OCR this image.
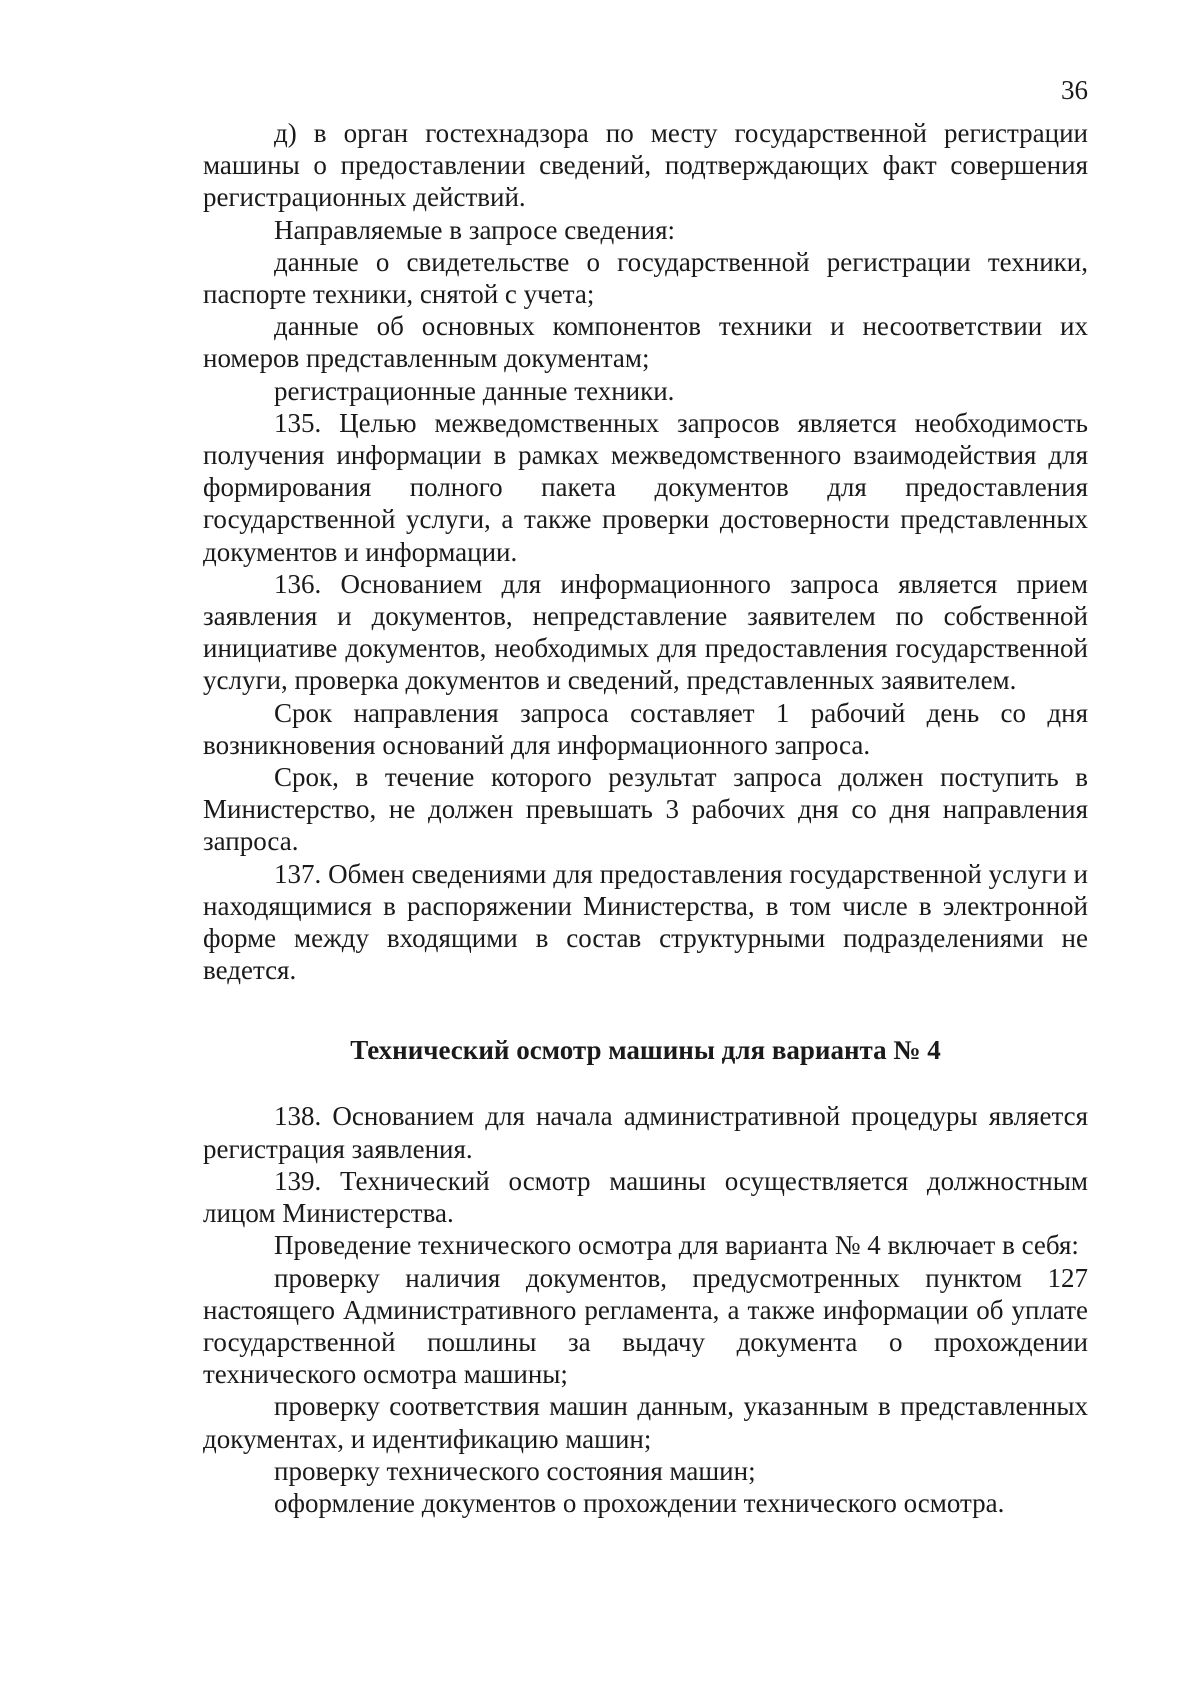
36

д) в орган гостехнадзора по месту государственной регистрации машины о предоставлении сведений, подтверждающих факт совершения регистрационных действий.

Направляемые в запросе сведения:

данные о свидетельстве о государственной регистрации техники, паспорте техники, снятой с учета;

данные об основных компонентов техники и несоответствии их номеров представленным документам;

регистрационные данные техники.

135. Целью межведомственных запросов является необходимость получения информации в рамках межведомственного взаимодействия для формирования полного пакета документов для предоставления государственной услуги, а также проверки достоверности представленных документов и информации.

136. Основанием для информационного запроса является прием заявления и документов, непредставление заявителем по собственной инициативе документов, необходимых для предоставления государственной услуги, проверка документов и сведений, представленных заявителем.

Срок направления запроса составляет 1 рабочий день со дня возникновения оснований для информационного запроса.

Срок, в течение которого результат запроса должен поступить в Министерство, не должен превышать 3 рабочих дня со дня направления запроса.

137. Обмен сведениями для предоставления государственной услуги и находящимися в распоряжении Министерства, в том числе в электронной форме между входящими в состав структурными подразделениями не ведется.

Технический осмотр машины для варианта № 4

138. Основанием для начала административной процедуры является регистрация заявления.

139. Технический осмотр машины осуществляется должностным лицом Министерства.

Проведение технического осмотра для варианта № 4 включает в себя:

проверку наличия документов, предусмотренных пунктом 127 настоящего Административного регламента, а также информации об уплате государственной пошлины за выдачу документа о прохождении технического осмотра машины;

проверку соответствия машин данным, указанным в представленных документах, и идентификацию машин;

проверку технического состояния машин;

оформление документов о прохождении технического осмотра.
